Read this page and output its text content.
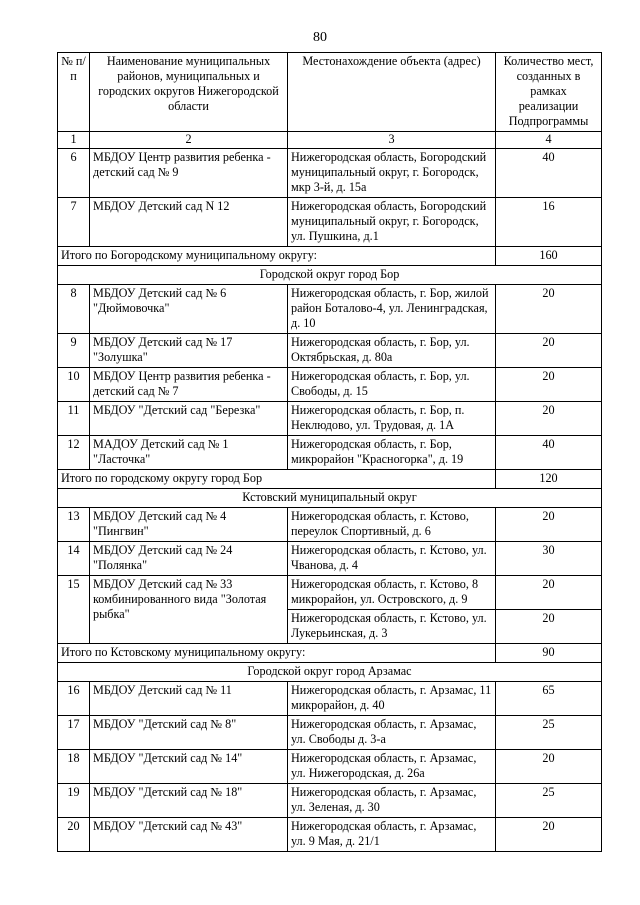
80
№ п/п	Наименование муниципальных районов, муниципальных и городских округов Нижегородской области	Местонахождение объекта (адрес)	Количество мест, созданных в рамках реализации Подпрограммы
1	2	3	4
6	МБДОУ Центр развития ребенка - детский сад № 9	Нижегородская область, Богородский муниципальный округ, г. Богородск, мкр 3-й, д. 15а	40
7	МБДОУ Детский сад N 12	Нижегородская область, Богородский муниципальный округ, г. Богородск, ул. Пушкина, д.1	16
Итого по Богородскому муниципальному округу:			160
Городской округ город Бор			
8	МБДОУ Детский сад № 6 "Дюймовочка"	Нижегородская область, г. Бор, жилой район Боталово-4, ул. Ленинградская, д. 10	20
9	МБДОУ Детский сад № 17 "Золушка"	Нижегородская область, г. Бор, ул. Октябрьская, д. 80а	20
10	МБДОУ Центр развития ребенка - детский сад № 7	Нижегородская область, г. Бор, ул. Свободы, д. 15	20
11	МБДОУ "Детский сад "Березка"	Нижегородская область, г. Бор, п. Неклюдово, ул. Трудовая, д. 1А	20
12	МАДОУ Детский сад № 1 "Ласточка"	Нижегородская область, г. Бор, микрорайон "Красногорка", д. 19	40
Итого по городскому округу город Бор			120
Кстовский муниципальный округ			
13	МБДОУ Детский сад № 4 "Пингвин"	Нижегородская область, г. Кстово, переулок Спортивный, д. 6	20
14	МБДОУ Детский сад № 24 "Полянка"	Нижегородская область, г. Кстово, ул. Чванова, д. 4	30
15	МБДОУ Детский сад № 33 комбинированного вида "Золотая рыбка"	Нижегородская область, г. Кстово, 8 микрорайон, ул. Островского, д. 9	20
		Нижегородская область, г. Кстово, ул. Лукерьинская, д. 3	20
Итого по Кстовскому муниципальному округу:			90
Городской округ город Арзамас			
16	МБДОУ Детский сад № 11	Нижегородская область, г. Арзамас, 11 микрорайон, д. 40	65
17	МБДОУ "Детский сад № 8"	Нижегородская область, г. Арзамас, ул. Свободы д. 3-а	25
18	МБДОУ "Детский сад № 14"	Нижегородская область, г. Арзамас, ул. Нижегородская, д. 26а	20
19	МБДОУ "Детский сад № 18"	Нижегородская область, г. Арзамас, ул. Зеленая, д. 30	25
20	МБДОУ "Детский сад № 43"	Нижегородская область, г. Арзамас, ул. 9 Мая, д. 21/1	20
